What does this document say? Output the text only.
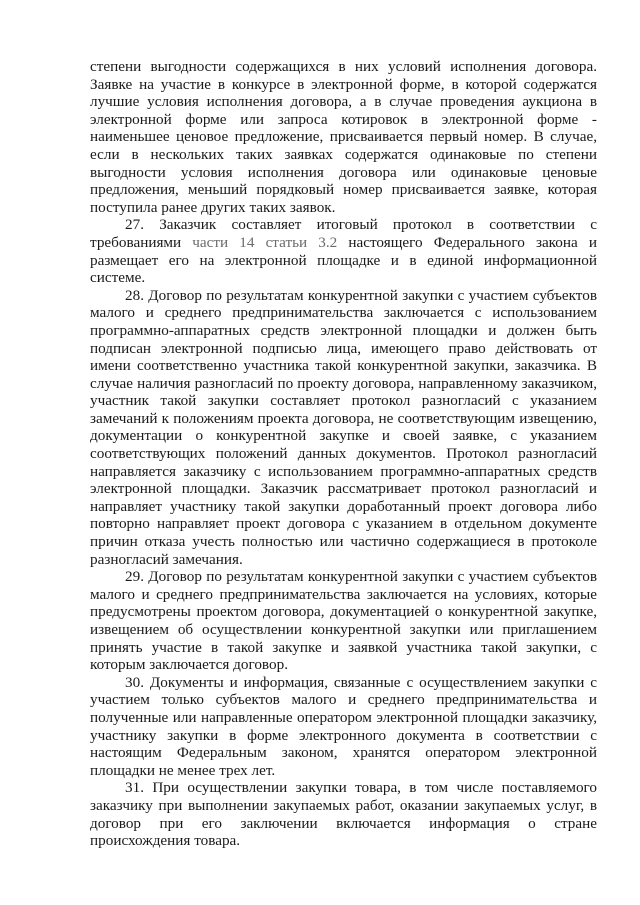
степени выгодности содержащихся в них условий исполнения договора. Заявке на участие в конкурсе в электронной форме, в которой содержатся лучшие условия исполнения договора, а в случае проведения аукциона в электронной форме или запроса котировок в электронной форме - наименьшее ценовое предложение, присваивается первый номер. В случае, если в нескольких таких заявках содержатся одинаковые по степени выгодности условия исполнения договора или одинаковые ценовые предложения, меньший порядковый номер присваивается заявке, которая поступила ранее других таких заявок.

27. Заказчик составляет итоговый протокол в соответствии с требованиями части 14 статьи 3.2 настоящего Федерального закона и размещает его на электронной площадке и в единой информационной системе.

28. Договор по результатам конкурентной закупки с участием субъектов малого и среднего предпринимательства заключается с использованием программно-аппаратных средств электронной площадки и должен быть подписан электронной подписью лица, имеющего право действовать от имени соответственно участника такой конкурентной закупки, заказчика. В случае наличия разногласий по проекту договора, направленному заказчиком, участник такой закупки составляет протокол разногласий с указанием замечаний к положениям проекта договора, не соответствующим извещению, документации о конкурентной закупке и своей заявке, с указанием соответствующих положений данных документов. Протокол разногласий направляется заказчику с использованием программно-аппаратных средств электронной площадки. Заказчик рассматривает протокол разногласий и направляет участнику такой закупки доработанный проект договора либо повторно направляет проект договора с указанием в отдельном документе причин отказа учесть полностью или частично содержащиеся в протоколе разногласий замечания.

29. Договор по результатам конкурентной закупки с участием субъектов малого и среднего предпринимательства заключается на условиях, которые предусмотрены проектом договора, документацией о конкурентной закупке, извещением об осуществлении конкурентной закупки или приглашением принять участие в такой закупке и заявкой участника такой закупки, с которым заключается договор.

30. Документы и информация, связанные с осуществлением закупки с участием только субъектов малого и среднего предпринимательства и полученные или направленные оператором электронной площадки заказчику, участнику закупки в форме электронного документа в соответствии с настоящим Федеральным законом, хранятся оператором электронной площадки не менее трех лет.

31. При осуществлении закупки товара, в том числе поставляемого заказчику при выполнении закупаемых работ, оказании закупаемых услуг, в договор при его заключении включается информация о стране происхождения товара.
